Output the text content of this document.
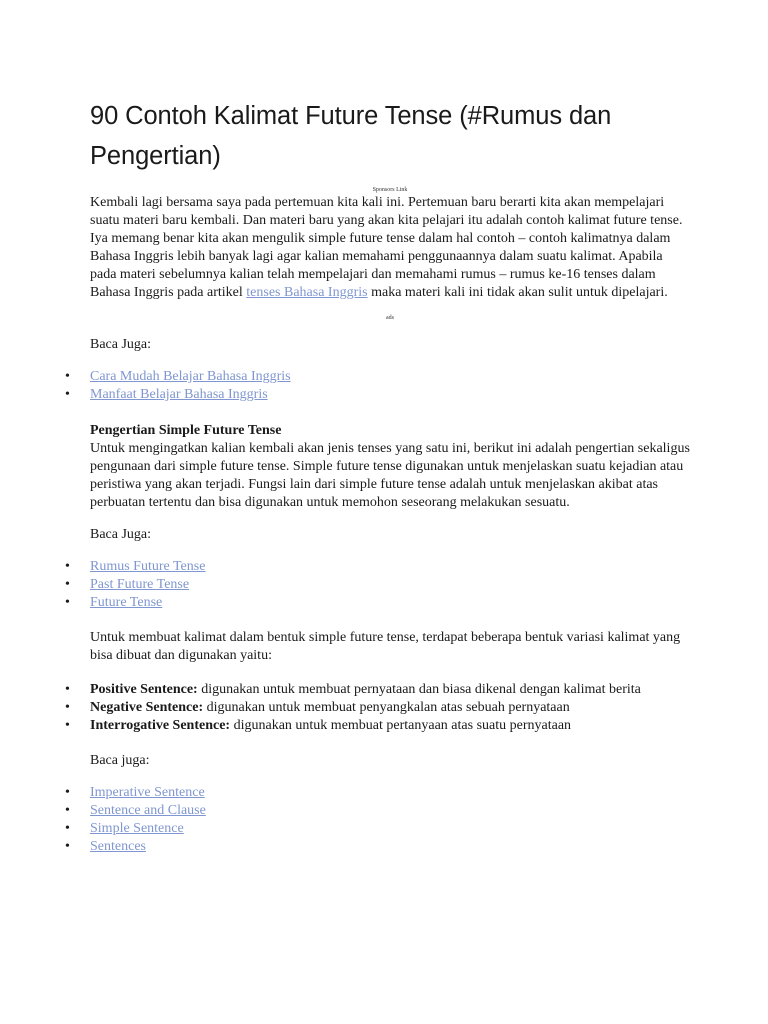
90 Contoh Kalimat Future Tense (#Rumus dan Pengertian)

Sponsors Link

Kembali lagi bersama saya pada pertemuan kita kali ini. Pertemuan baru berarti kita akan mempelajari suatu materi baru kembali. Dan materi baru yang akan kita pelajari itu adalah contoh kalimat future tense. Iya memang benar kita akan mengulik simple future tense dalam hal contoh – contoh kalimatnya dalam Bahasa Inggris lebih banyak lagi agar kalian memahami penggunaannya dalam suatu kalimat. Apabila pada materi sebelumnya kalian telah mempelajari dan memahami rumus – rumus ke-16 tenses dalam Bahasa Inggris pada artikel tenses Bahasa Inggris maka materi kali ini tidak akan sulit untuk dipelajari.

ads

Baca Juga:

• Cara Mudah Belajar Bahasa Inggris
• Manfaat Belajar Bahasa Inggris

Pengertian Simple Future Tense

Untuk mengingatkan kalian kembali akan jenis tenses yang satu ini, berikut ini adalah pengertian sekaligus pengunaan dari simple future tense. Simple future tense digunakan untuk menjelaskan suatu kejadian atau peristiwa yang akan terjadi. Fungsi lain dari simple future tense adalah untuk menjelaskan akibat atas perbuatan tertentu dan bisa digunakan untuk memohon seseorang melakukan sesuatu.

Baca Juga:

• Rumus Future Tense
• Past Future Tense
• Future Tense

Untuk membuat kalimat dalam bentuk simple future tense, terdapat beberapa bentuk variasi kalimat yang bisa dibuat dan digunakan yaitu:

• Positive Sentence: digunakan untuk membuat pernyataan dan biasa dikenal dengan kalimat berita
• Negative Sentence: digunakan untuk membuat penyangkalan atas sebuah pernyataan
• Interrogative Sentence: digunakan untuk membuat pertanyaan atas suatu pernyataan

Baca juga:

• Imperative Sentence
• Sentence and Clause
• Simple Sentence
• Sentences
